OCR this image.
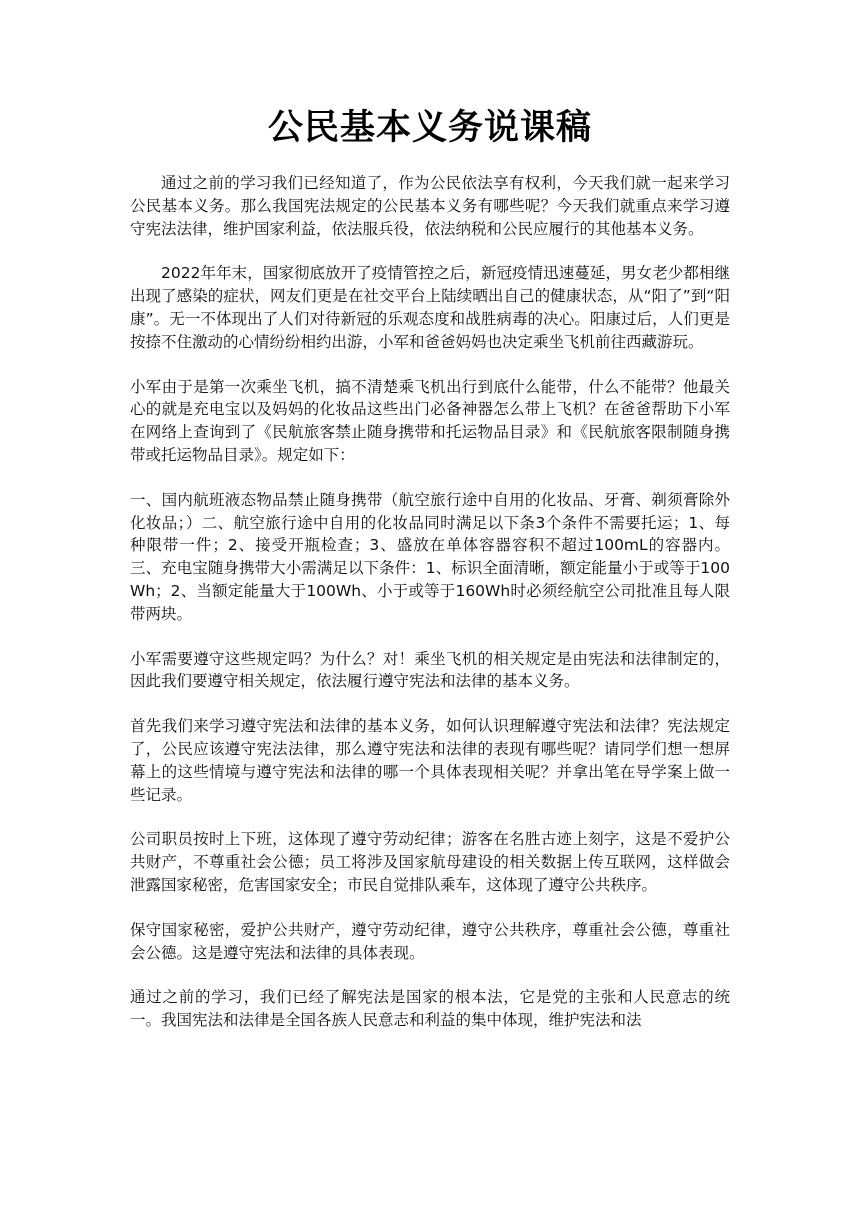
公民基本义务说课稿

通过之前的学习我们已经知道了，作为公民依法享有权利，今天我们就一起来学习公民基本义务。那么我国宪法规定的公民基本义务有哪些呢？今天我们就重点来学习遵守宪法法律，维护国家利益，依法服兵役，依法纳税和公民应履行的其他基本义务。

2022年年末，国家彻底放开了疫情管控之后，新冠疫情迅速蔓延，男女老少都相继出现了感染的症状，网友们更是在社交平台上陆续晒出自己的健康状态，从“阳了”到“阳康”。无一不体现出了人们对待新冠的乐观态度和战胜病毒的决心。阳康过后，人们更是按捺不住激动的心情纷纷相约出游，小军和爸爸妈妈也决定乘坐飞机前往西藏游玩。

小军由于是第一次乘坐飞机，搞不清楚乘飞机出行到底什么能带，什么不能带？他最关心的就是充电宝以及妈妈的化妆品这些出门必备神器怎么带上飞机？在爸爸帮助下小军在网络上查询到了《民航旅客禁止随身携带和托运物品目录》和《民航旅客限制随身携带或托运物品目录》。规定如下：

一、国内航班液态物品禁止随身携带（航空旅行途中自用的化妆品、牙膏、剃须膏除外化妆品；）二、航空旅行途中自用的化妆品同时满足以下条3个条件不需要托运；1、每种限带一件；2、接受开瓶检查；3、盛放在单体容器容积不超过100mL的容器内。三、充电宝随身携带大小需满足以下条件：1、标识全面清晰，额定能量小于或等于100Wh；2、当额定能量大于100Wh、小于或等于160Wh时必须经航空公司批准且每人限带两块。

小军需要遵守这些规定吗？为什么？对！乘坐飞机的相关规定是由宪法和法律制定的，因此我们要遵守相关规定，依法履行遵守宪法和法律的基本义务。

首先我们来学习遵守宪法和法律的基本义务，如何认识理解遵守宪法和法律？宪法规定了，公民应该遵守宪法法律，那么遵守宪法和法律的表现有哪些呢？请同学们想一想屏幕上的这些情境与遵守宪法和法律的哪一个具体表现相关呢？并拿出笔在导学案上做一些记录。

公司职员按时上下班，这体现了遵守劳动纪律；游客在名胜古迹上刻字，这是不爱护公共财产，不尊重社会公德；员工将涉及国家航母建设的相关数据上传互联网，这样做会泄露国家秘密，危害国家安全；市民自觉排队乘车，这体现了遵守公共秩序。

保守国家秘密，爱护公共财产，遵守劳动纪律，遵守公共秩序，尊重社会公德，尊重社会公德。这是遵守宪法和法律的具体表现。

通过之前的学习，我们已经了解宪法是国家的根本法，它是党的主张和人民意志的统一。我国宪法和法律是全国各族人民意志和利益的集中体现，维护宪法和法
